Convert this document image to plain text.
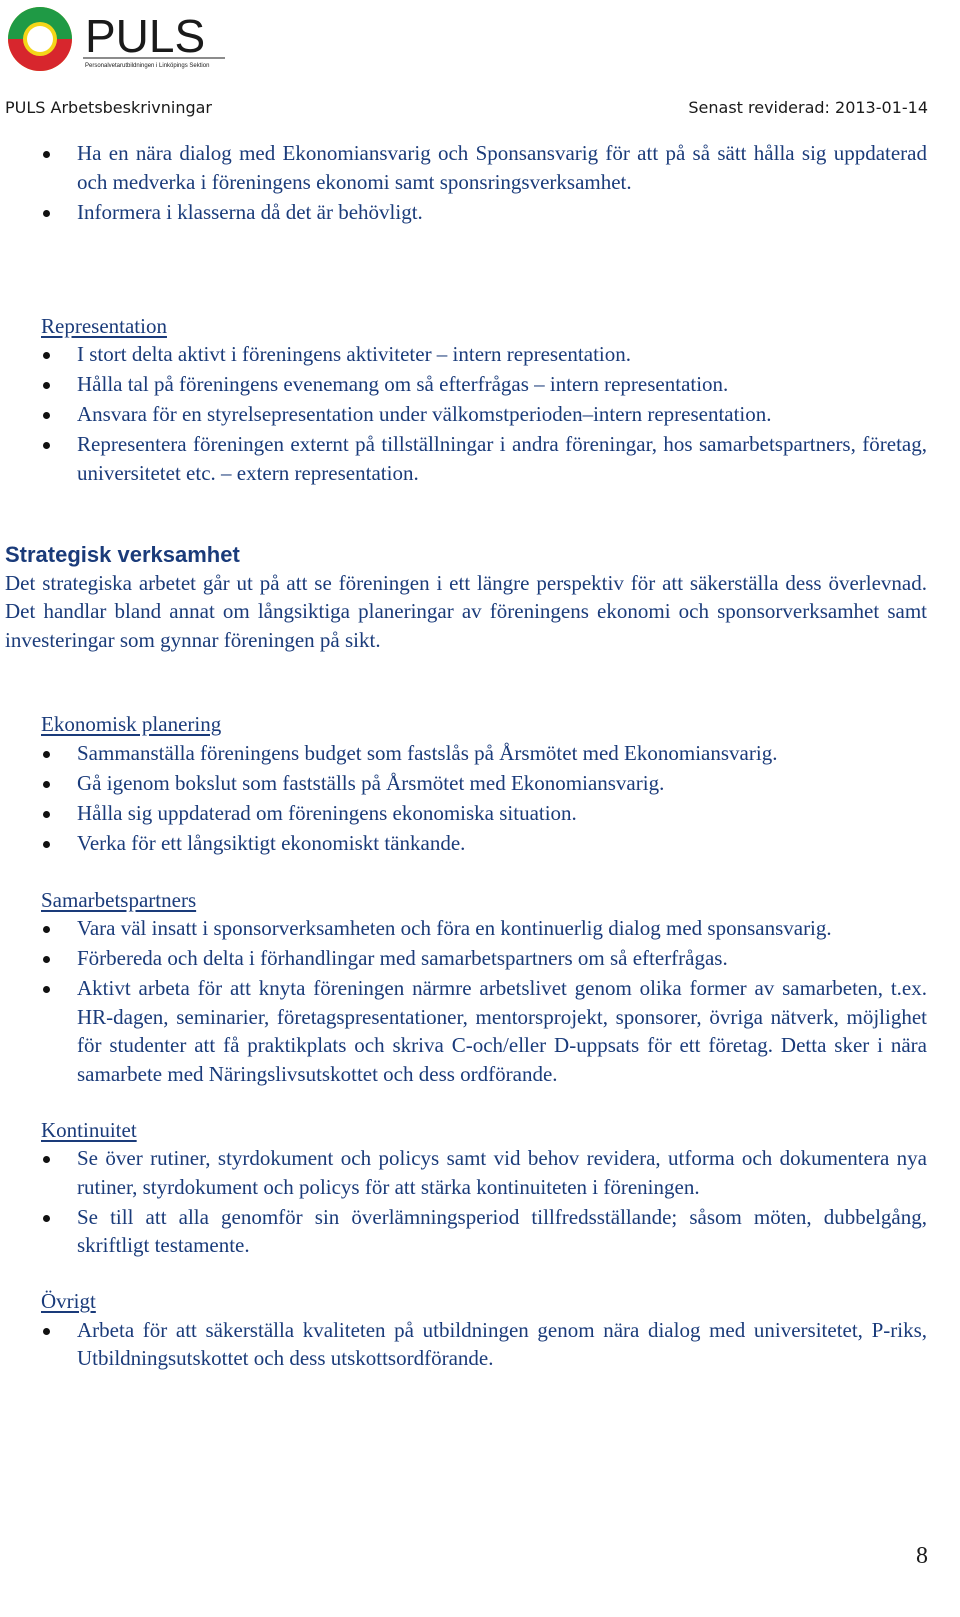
PULS
Personalvetarutbildningen i Linköpings Sektion
PULS Arbetsbeskrivningar	Senast reviderad: 2013-01-14
Ha en nära dialog med Ekonomiansvarig och Sponsansvarig för att på så sätt hålla sig uppdaterad och medverka i föreningens ekonomi samt sponsringsverksamhet.
Informera i klasserna då det är behövligt.
Representation
I stort delta aktivt i föreningens aktiviteter – intern representation.
Hålla tal på föreningens evenemang om så efterfrågas – intern representation.
Ansvara för en styrelsepresentation under välkomstperioden–intern representation.
Representera föreningen externt på tillställningar i andra föreningar, hos samarbetspartners, företag, universitetet etc. – extern representation.
Strategisk verksamhet
Det strategiska arbetet går ut på att se föreningen i ett längre perspektiv för att säkerställa dess överlevnad. Det handlar bland annat om långsiktiga planeringar av föreningens ekonomi och sponsorverksamhet samt investeringar som gynnar föreningen på sikt.
Ekonomisk planering
Sammanställa föreningens budget som fastslås på Årsmötet med Ekonomiansvarig.
Gå igenom bokslut som fastställs på Årsmötet med Ekonomiansvarig.
Hålla sig uppdaterad om föreningens ekonomiska situation.
Verka för ett långsiktigt ekonomiskt tänkande.
Samarbetspartners
Vara väl insatt i sponsorverksamheten och föra en kontinuerlig dialog med sponsansvarig.
Förbereda och delta i förhandlingar med samarbetspartners om så efterfrågas.
Aktivt arbeta för att knyta föreningen närmre arbetslivet genom olika former av samarbeten, t.ex. HR-dagen, seminarier, företagspresentationer, mentorsprojekt, sponsorer, övriga nätverk, möjlighet för studenter att få praktikplats och skriva C-och/eller D-uppsats för ett företag. Detta sker i nära samarbete med Näringslivsutskottet och dess ordförande.
Kontinuitet
Se över rutiner, styrdokument och policys samt vid behov revidera, utforma och dokumentera nya rutiner, styrdokument och policys för att stärka kontinuiteten i föreningen.
Se till att alla genomför sin överlämningsperiod tillfredsställande; såsom möten, dubbelgång, skriftligt testamente.
Övrigt
Arbeta för att säkerställa kvaliteten på utbildningen genom nära dialog med universitetet, P-riks, Utbildningsutskottet och dess utskottsordförande.
8
